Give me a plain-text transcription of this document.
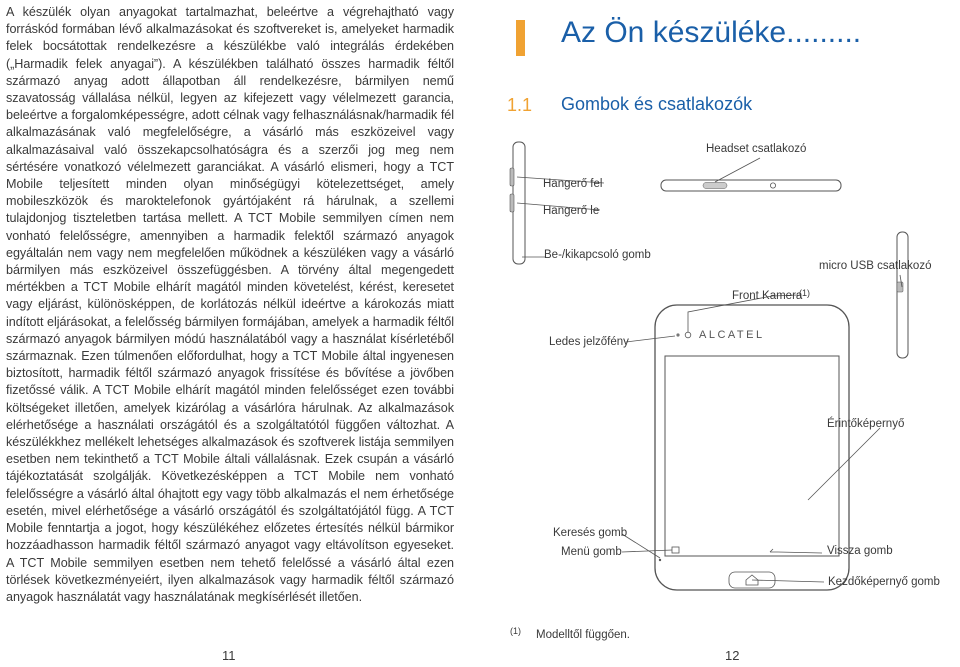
A készülék olyan anyagokat tartalmazhat, beleértve a végrehajtható vagy forráskód formában lévő alkalmazásokat és szoftvereket is, amelyeket harmadik felek bocsátottak rendelkezésre a készülékbe való integrálás érdekében („Harmadik felek anyagai”). A készülékben található összes harmadik féltől származó anyag adott állapotban áll rendelkezésre, bármilyen nemű szavatosság vállalása nélkül, legyen az kifejezett vagy vélelmezett garancia, beleértve a forgalomképességre, adott célnak vagy felhasználásnak/harmadik fél alkalmazásának való megfelelőségre, a vásárló más eszközeivel vagy alkalmazásaival való összekapcsolhatóságra és a szerzői jog meg nem sértésére vonatkozó vélelmezett garanciákat. A vásárló elismeri, hogy a TCT Mobile teljesített minden olyan minőségügyi kötelezettséget, amely mobileszközök és maroktelefonok gyártójaként rá hárulnak, a szellemi tulajdonjog tiszteletben tartása mellett. A TCT Mobile semmilyen címen nem vonható felelősségre, amennyiben a harmadik felektől származó anyagok egyáltalán nem vagy nem megfelelően működnek a készüléken vagy a vásárló bármilyen más eszközeivel összefüggésben. A törvény által megengedett mértékben a TCT Mobile elhárít magától minden követelést, kérést, keresetet vagy eljárást, különösképpen, de korlátozás nélkül ideértve a károkozás miatt indított eljárásokat, a felelősség bármilyen formájában, amelyek a harmadik féltől származó anyagok bármilyen módú használatából vagy a használat kísérletéből származnak. Ezen túlmenően előfordulhat, hogy a TCT Mobile által ingyenesen biztosított, harmadik féltől származó anyagok frissítése és bővítése a jövőben fizetőssé válik. A TCT Mobile elhárít magától minden felelősséget ezen további költségeket illetően, amelyek kizárólag a vásárlóra hárulnak. Az alkalmazások elérhetősége a használati országától és a szolgáltatótól függően változhat. A készülékkhez mellékelt lehetséges alkalmazások és szoftverek listája semmilyen esetben nem tekinthető a TCT Mobile általi vállalásnak. Ezek csupán a vásárló tájékoztatását szolgálják. Következésképpen a TCT Mobile nem vonható felelősségre a vásárló által óhajtott egy vagy több alkalmazás el nem érhetősége esetén, mivel elérhetősége a vásárló országától és szolgáltatójától függ. A TCT Mobile fenntartja a jogot, hogy készülékéhez előzetes értesítés nélkül bármikor hozzáadhasson harmadik féltől származó anyagot vagy eltávolítson egyeseket. A TCT Mobile semmilyen esetben nem tehető felelőssé a vásárló által ezen törlések következményeiért, ilyen alkalmazások vagy harmadik féltől származó anyagok használatát vagy használatának megkísérlését illetően.

11
Az Ön készüléke.........
1.1 Gombok és csatlakozók
Headset csatlakozó
Hangerő fel
Hangerő le
Be-/kikapcsoló gomb
micro USB csatlakozó
Front Kamera
(1)
Ledes jelzőfény
ALCATEL
Érintőképernyő
Keresés gomb
Menü gomb	Vissza gomb
Kezdőképernyő gomb
(1) Modelltől függően.
12
